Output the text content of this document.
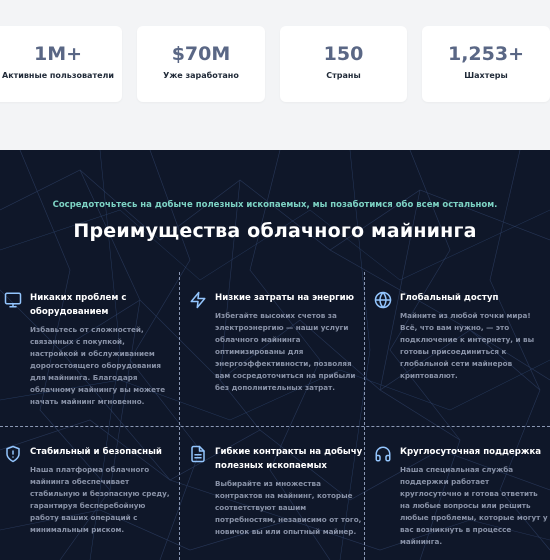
1M+
Активные пользователи
$70M
Уже заработано
150
Страны
1,253+
Шахтеры
Сосредоточьтесь на добыче полезных ископаемых, мы позаботимся обо всем остальном.
Преимущества облачного майнинга
Никаких проблем с
оборудованием
Избавьтесь от сложностей,
связанных с покупкой,
настройкой и обслуживанием
дорогостоящего оборудования
для майнинга. Благодаря
облачному майнингу вы можете
начать майнинг мгновенно.
Низкие затраты на энергию
Избегайте высоких счетов за
электроэнергию — наши услуги
облачного майнинга
оптимизированы для
энергоэффективности, позволяя
вам сосредоточиться на прибыли
без дополнительных затрат.
Глобальный доступ
Майните из любой точки мира!
Всё, что вам нужно, — это
подключение к интернету, и вы
готовы присоединиться к
глобальной сети майнеров
криптовалют.
Стабильный и безопасный
Наша платформа облачного
майнинга обеспечивает
стабильную и безопасную среду,
гарантируя бесперебойную
работу ваших операций с
минимальным риском.
Гибкие контракты на добычу
полезных ископаемых
Выбирайте из множества
контрактов на майнинг, которые
соответствуют вашим
потребностям, независимо от того,
новичок вы или опытный майнер.
Круглосуточная поддержка
Наша специальная служба
поддержки работает
круглосуточно и готова ответить
на любые вопросы или решить
любые проблемы, которые могут у
вас возникнуть в процессе
майнинга.
